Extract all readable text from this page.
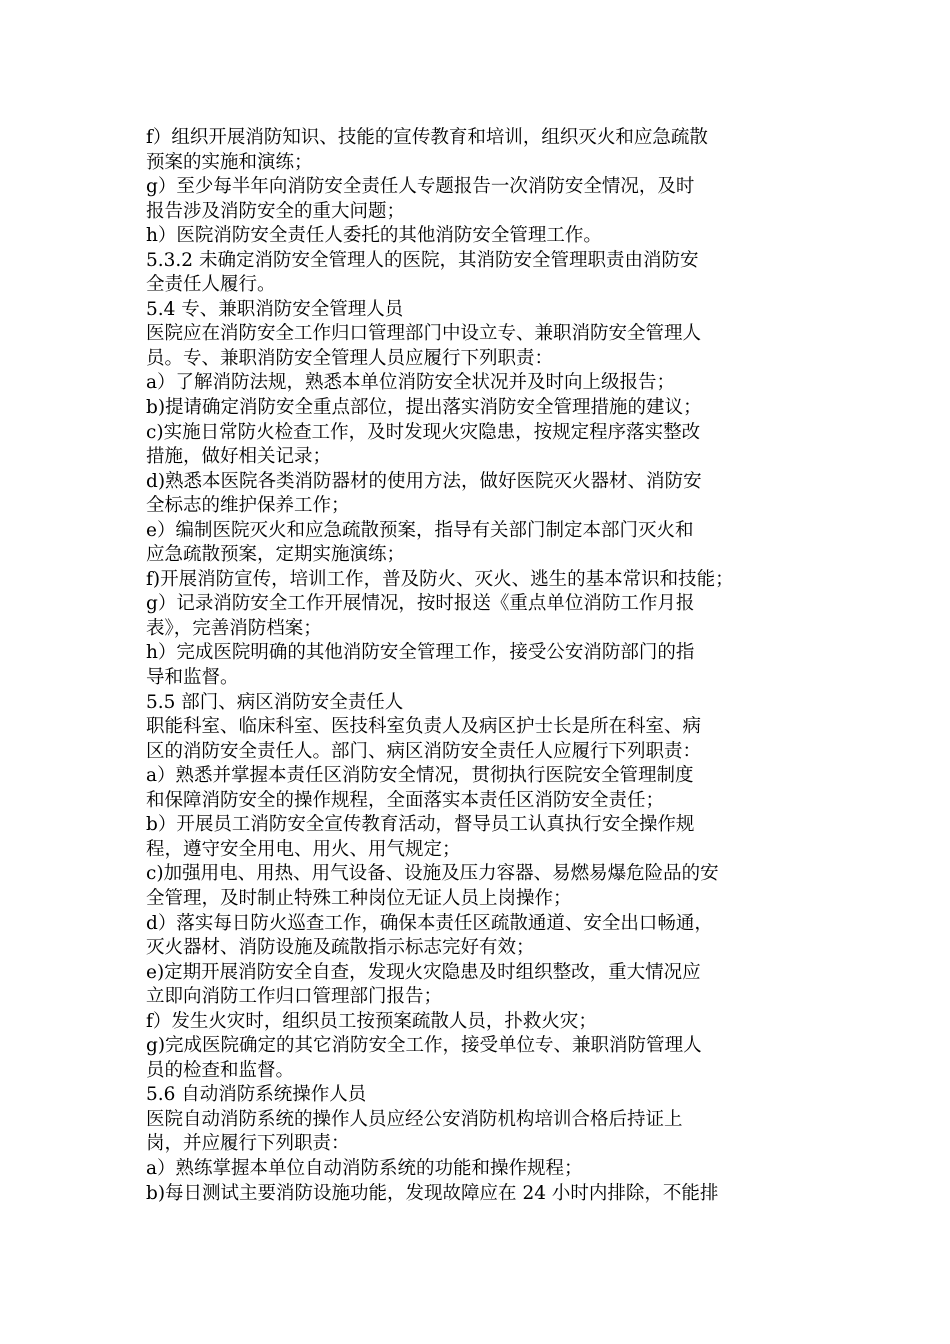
f）组织开展消防知识、技能的宣传教育和培训，组织灭火和应急疏散
预案的实施和演练；
g）至少每半年向消防安全责任人专题报告一次消防安全情况，及时
报告涉及消防安全的重大问题；
h）医院消防安全责任人委托的其他消防安全管理工作。
5.3.2 未确定消防安全管理人的医院，其消防安全管理职责由消防安
全责任人履行。
5.4 专、兼职消防安全管理人员
医院应在消防安全工作归口管理部门中设立专、兼职消防安全管理人
员。专、兼职消防安全管理人员应履行下列职责：
a）了解消防法规，熟悉本单位消防安全状况并及时向上级报告；
b)提请确定消防安全重点部位，提出落实消防安全管理措施的建议；
c)实施日常防火检查工作，及时发现火灾隐患，按规定程序落实整改
措施，做好相关记录；
d)熟悉本医院各类消防器材的使用方法，做好医院灭火器材、消防安
全标志的维护保养工作；
e）编制医院灭火和应急疏散预案，指导有关部门制定本部门灭火和
应急疏散预案，定期实施演练；
f)开展消防宣传，培训工作，普及防火、灭火、逃生的基本常识和技能；
g）记录消防安全工作开展情况，按时报送《重点单位消防工作月报
表》，完善消防档案；
h）完成医院明确的其他消防安全管理工作，接受公安消防部门的指
导和监督。
5.5 部门、病区消防安全责任人
职能科室、临床科室、医技科室负责人及病区护士长是所在科室、病
区的消防安全责任人。部门、病区消防安全责任人应履行下列职责：
a）熟悉并掌握本责任区消防安全情况，贯彻执行医院安全管理制度
和保障消防安全的操作规程，全面落实本责任区消防安全责任；
b）开展员工消防安全宣传教育活动，督导员工认真执行安全操作规
程，遵守安全用电、用火、用气规定；
c)加强用电、用热、用气设备、设施及压力容器、易燃易爆危险品的安
全管理，及时制止特殊工种岗位无证人员上岗操作；
d）落实每日防火巡查工作，确保本责任区疏散通道、安全出口畅通，
灭火器材、消防设施及疏散指示标志完好有效；
e)定期开展消防安全自查，发现火灾隐患及时组织整改，重大情况应
立即向消防工作归口管理部门报告；
f）发生火灾时，组织员工按预案疏散人员，扑救火灾；
g)完成医院确定的其它消防安全工作，接受单位专、兼职消防管理人
员的检查和监督。
5.6 自动消防系统操作人员
医院自动消防系统的操作人员应经公安消防机构培训合格后持证上
岗，并应履行下列职责：
a）熟练掌握本单位自动消防系统的功能和操作规程；
b)每日测试主要消防设施功能，发现故障应在 24 小时内排除，不能排
